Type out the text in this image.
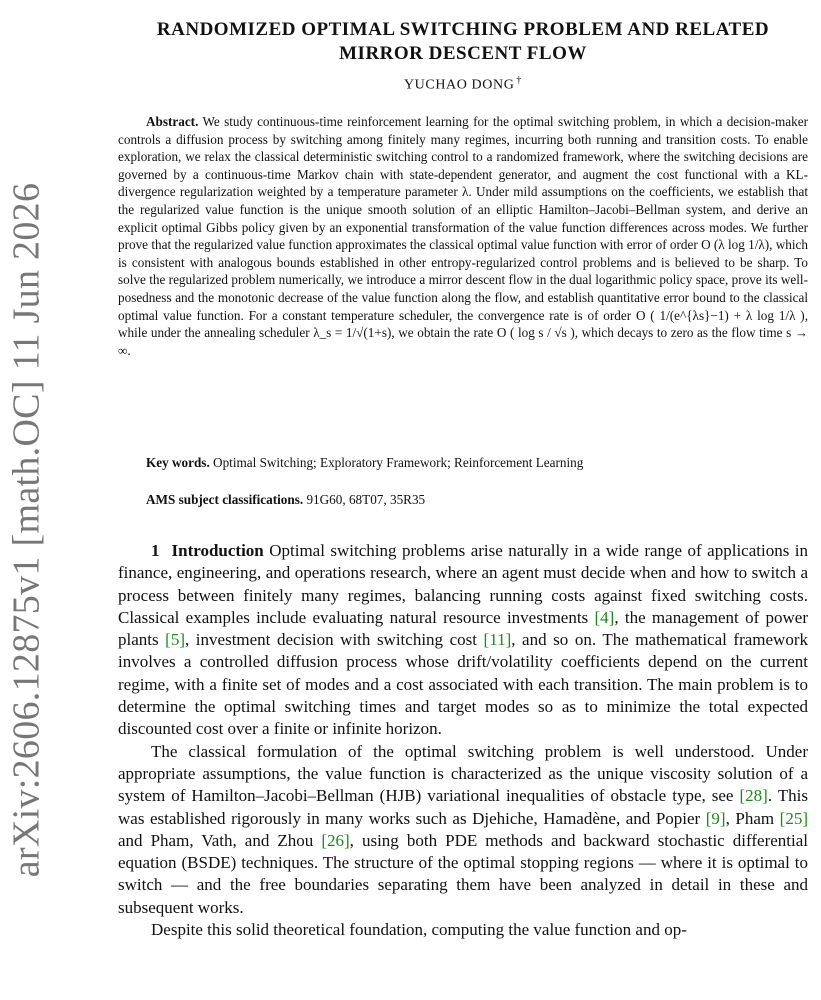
arXiv:2606.12875v1 [math.OC] 11 Jun 2026
RANDOMIZED OPTIMAL SWITCHING PROBLEM AND RELATED MIRROR DESCENT FLOW
YUCHAO DONG †

Abstract. We study continuous-time reinforcement learning for the optimal switching problem, in which a decision-maker controls a diffusion process by switching among finitely many regimes, incurring both running and transition costs. To enable exploration, we relax the classical deterministic switching control to a randomized framework, where the switching decisions are governed by a continuous-time Markov chain with state-dependent generator, and augment the cost functional with a KL-divergence regularization weighted by a temperature parameter λ. Under mild assumptions on the coefficients, we establish that the regularized value function is the unique smooth solution of an elliptic Hamilton–Jacobi–Bellman system, and derive an explicit optimal Gibbs policy given by an exponential transformation of the value function differences across modes. We further prove that the regularized value function approximates the classical optimal value function with error of order O (λ log 1/λ), which is consistent with analogous bounds established in other entropy-regularized control problems and is believed to be sharp. To solve the regularized problem numerically, we introduce a mirror descent flow in the dual logarithmic policy space, prove its well-posedness and the monotonic decrease of the value function along the flow, and establish quantitative error bound to the classical optimal value function. For a constant temperature scheduler, the convergence rate is of order O ( 1/(e^{λs}−1) + λ log 1/λ ), while under the annealing scheduler λ_s = 1/√(1+s), we obtain the rate O ( log s / √s ), which decays to zero as the flow time s → ∞.

Key words. Optimal Switching; Exploratory Framework; Reinforcement Learning
AMS subject classifications. 91G60, 68T07, 35R35

1 Introduction Optimal switching problems arise naturally in a wide range of applications in finance, engineering, and operations research, where an agent must decide when and how to switch a process between finitely many regimes, balancing running costs against fixed switching costs. Classical examples include evaluating natural resource investments [4], the management of power plants [5], investment decision with switching cost [11], and so on. The mathematical framework involves a controlled diffusion process whose drift/volatility coefficients depend on the current regime, with a finite set of modes and a cost associated with each transition. The main problem is to determine the optimal switching times and target modes so as to minimize the total expected discounted cost over a finite or infinite horizon.

The classical formulation of the optimal switching problem is well understood. Under appropriate assumptions, the value function is characterized as the unique viscosity solution of a system of Hamilton–Jacobi–Bellman (HJB) variational inequalities of obstacle type, see [28]. This was established rigorously in many works such as Djehiche, Hamadène, and Popier [9], Pham [25] and Pham, Vath, and Zhou [26], using both PDE methods and backward stochastic differential equation (BSDE) techniques. The structure of the optimal stopping regions — where it is optimal to switch — and the free boundaries separating them have been analyzed in detail in these and subsequent works.

Despite this solid theoretical foundation, computing the value function and op-
